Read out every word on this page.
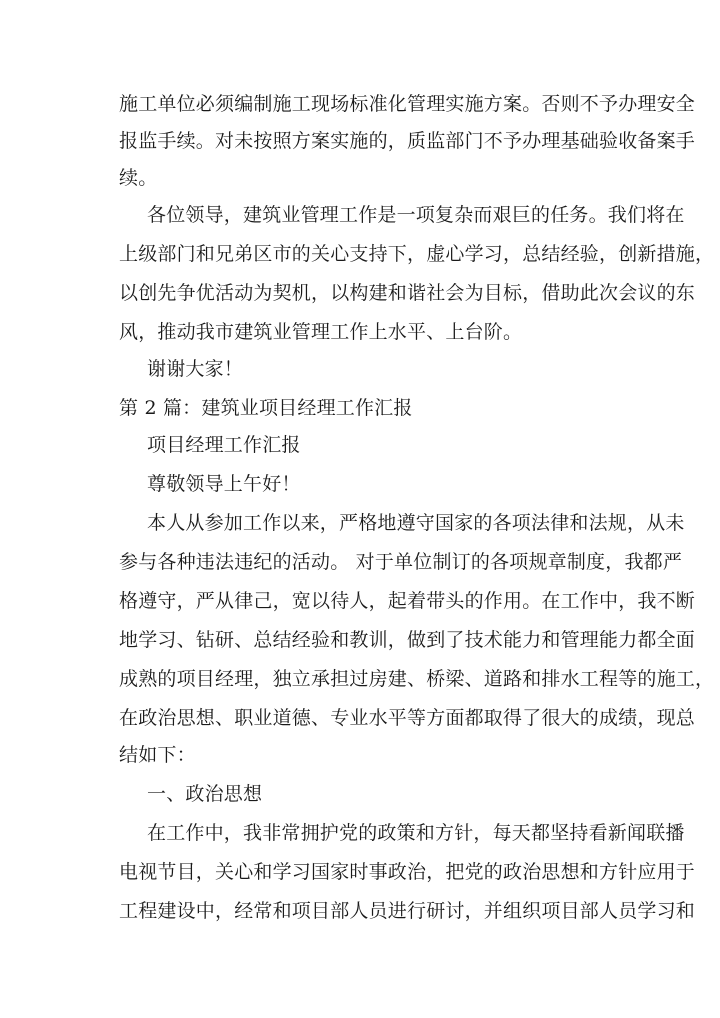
施工单位必须编制施工现场标准化管理实施方案。否则不予办理安全
报监手续。对未按照方案实施的，质监部门不予办理基础验收备案手
续。
各位领导，建筑业管理工作是一项复杂而艰巨的任务。我们将在
上级部门和兄弟区市的关心支持下，虚心学习，总结经验，创新措施，
以创先争优活动为契机，以构建和谐社会为目标，借助此次会议的东
风，推动我市建筑业管理工作上水平、上台阶。
谢谢大家！
第 2 篇：建筑业项目经理工作汇报
项目经理工作汇报
尊敬领导上午好！
本人从参加工作以来，严格地遵守国家的各项法律和法规，从未
参与各种违法违纪的活动。 对于单位制订的各项规章制度，我都严
格遵守，严从律己，宽以待人，起着带头的作用。在工作中，我不断
地学习、钻研、总结经验和教训，做到了技术能力和管理能力都全面
成熟的项目经理，独立承担过房建、桥梁、道路和排水工程等的施工，
在政治思想、职业道德、专业水平等方面都取得了很大的成绩，现总
结如下：
一、政治思想
在工作中，我非常拥护党的政策和方针，每天都坚持看新闻联播
电视节目，关心和学习国家时事政治，把党的政治思想和方针应用于
工程建设中，经常和项目部人员进行研讨，并组织项目部人员学习和
